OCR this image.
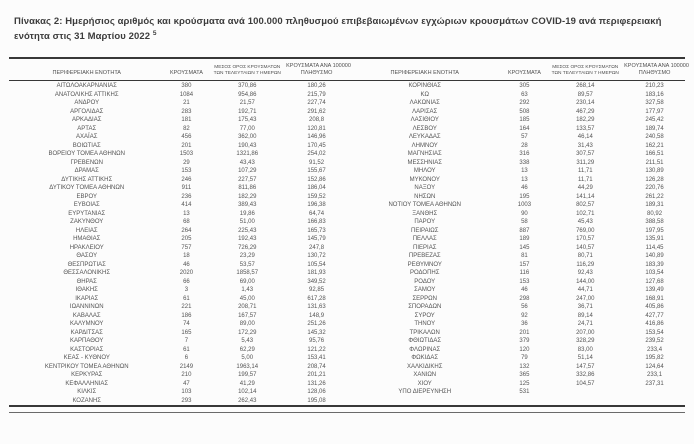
Πίνακας 2: Ημερήσιος αριθμός και κρούσματα ανά 100.000 πληθυσμού επιβεβαιωμένων εγχώριων κρουσμάτων COVID-19 ανά περιφερειακή ενότητα στις 31 Μαρτίου 2022 $^5$

ΠΕΡΙΦΕΡΕΙΑΚΗ ΕΝΟΤΗΤΑ	ΚΡΟΥΣΜΑΤΑ
ΜΕΣΟΣ ΟΡΟΣ ΚΡΟΥΣΜΑΤΩΝ
ΤΩΝ ΤΕΛΕΥΤΑΙΩΝ 7 ΗΜΕΡΩΝ
ΚΡΟΥΣΜΑΤΑ ΑΝΑ 100000
ΠΛΗΘΥΣΜΟ	ΠΕΡΙΦΕΡΕΙΑΚΗ ΕΝΟΤΗΤΑ	ΚΡΟΥΣΜΑΤΑ
ΜΕΣΟΣ ΟΡΟΣ ΚΡΟΥΣΜΑΤΩΝ
ΤΩΝ ΤΕΛΕΥΤΑΙΩΝ 7 ΗΜΕΡΩΝ
ΚΡΟΥΣΜΑΤΑ ΑΝΑ 100000
ΠΛΗΘΥΣΜΟ
ΑΙΤΩΛΟΑΚΑΡΝΑΝΙΑΣ	380	370,86	180,26
ΑΝΑΤΟΛΙΚΗΣ ΑΤΤΙΚΗΣ	1084	954,86	215,79
ΑΝΔΡΟΥ	21	21,57	227,74
ΑΡΓΟΛΙΔΑΣ	283	192,71	291,62
ΑΡΚΑΔΙΑΣ	181	175,43	208,8
ΑΡΤΑΣ	82	77,00	120,81
ΑΧΑΪΑΣ	456	362,00	146,96
ΒΟΙΩΤΙΑΣ	201	190,43	170,45
ΒΟΡΕΙΟΥ ΤΟΜΕΑ ΑΘΗΝΩΝ	1503	1321,86	254,02
ΓΡΕΒΕΝΩΝ	29	43,43	91,52
ΔΡΑΜΑΣ	153	107,29	155,67
ΔΥΤΙΚΗΣ ΑΤΤΙΚΗΣ	246	227,57	152,86
ΔΥΤΙΚΟΥ ΤΟΜΕΑ ΑΘΗΝΩΝ	911	811,86	186,04
ΕΒΡΟΥ	236	182,29	159,52
ΕΥΒΟΙΑΣ	414	389,43	196,38
ΕΥΡΥΤΑΝΙΑΣ	13	19,86	64,74
ΖΑΚΥΝΘΟΥ	68	51,00	166,83
ΗΛΕΙΑΣ	264	225,43	165,73
ΗΜΑΘΙΑΣ	205	192,43	145,79
ΗΡΑΚΛΕΙΟΥ	757	726,29	247,8
ΘΑΣΟΥ	18	23,29	130,72
ΘΕΣΠΡΩΤΙΑΣ	46	53,57	105,54
ΘΕΣΣΑΛΟΝΙΚΗΣ	2020	1858,57	181,93
ΘΗΡΑΣ	66	69,00	349,52
ΙΘΑΚΗΣ	3	1,43	92,85
ΙΚΑΡΙΑΣ	61	45,00	617,28
ΙΩΑΝΝΙΝΩΝ	221	208,71	131,63
ΚΑΒΑΛΑΣ	186	167,57	148,9
ΚΑΛΥΜΝΟΥ	74	89,00	251,26
ΚΑΡΔΙΤΣΑΣ	165	172,29	145,32
ΚΑΡΠΑΘΟΥ	7	5,43	95,76
ΚΑΣΤΟΡΙΑΣ	61	62,29	121,22
ΚΕΑΣ - ΚΥΘΝΟΥ	6	5,00	153,41
ΚΕΝΤΡΙΚΟΥ ΤΟΜΕΑ ΑΘΗΝΩΝ	2149	1963,14	208,74
ΚΕΡΚΥΡΑΣ	210	199,57	201,21
ΚΕΦΑΛΛΗΝΙΑΣ	47	41,29	131,26
ΚΙΛΚΙΣ	103	102,14	128,06
ΚΟΖΑΝΗΣ	293	262,43	195,08
ΚΟΡΙΝΘΙΑΣ	305	268,14	210,23
ΚΩ	63	89,57	183,16
ΛΑΚΩΝΙΑΣ	292	230,14	327,58
ΛΑΡΙΣΑΣ	508	467,29	177,97
ΛΑΣΙΘΙΟΥ	185	182,29	245,42
ΛΕΣΒΟΥ	164	133,57	189,74
ΛΕΥΚΑΔΑΣ	57	46,14	240,58
ΛΗΜΝΟΥ	28	31,43	162,21
ΜΑΓΝΗΣΙΑΣ	316	307,57	166,51
ΜΕΣΣΗΝΙΑΣ	338	311,29	211,51
ΜΗΛΟΥ	13	11,71	130,89
ΜΥΚΟΝΟΥ	13	11,71	126,28
ΝΑΞΟΥ	46	44,29	220,76
ΝΗΣΩΝ	195	141,14	261,22
ΝΟΤΙΟΥ ΤΟΜΕΑ ΑΘΗΝΩΝ	1003	802,57	189,31
ΞΑΝΘΗΣ	90	102,71	80,92
ΠΑΡΟΥ	58	45,43	388,58
ΠΕΙΡΑΙΩΣ	887	769,00	197,95
ΠΕΛΛΑΣ	189	170,57	135,91
ΠΙΕΡΙΑΣ	145	140,57	114,45
ΠΡΕΒΕΖΑΣ	81	80,71	140,89
ΡΕΘΥΜΝΟΥ	157	116,29	183,39
ΡΟΔΟΠΗΣ	116	92,43	103,54
ΡΟΔΟΥ	153	144,00	127,68
ΣΑΜΟΥ	46	44,71	139,49
ΣΕΡΡΩΝ	298	247,00	168,91
ΣΠΟΡΑΔΩΝ	56	36,71	405,86
ΣΥΡΟΥ	92	89,14	427,77
ΤΗΝΟΥ	36	24,71	416,86
ΤΡΙΚΑΛΩΝ	201	207,00	153,54
ΦΘΙΩΤΙΔΑΣ	379	328,29	239,52
ΦΛΩΡΙΝΑΣ	120	83,00	233,4
ΦΩΚΙΔΑΣ	79	51,14	195,82
ΧΑΛΚΙΔΙΚΗΣ	132	147,57	124,64
ΧΑΝΙΩΝ	365	332,86	233,1
ΧΙΟΥ	125	104,57	237,31
ΥΠΟ ΔΙΕΡΕΥΝΗΣΗ	531
